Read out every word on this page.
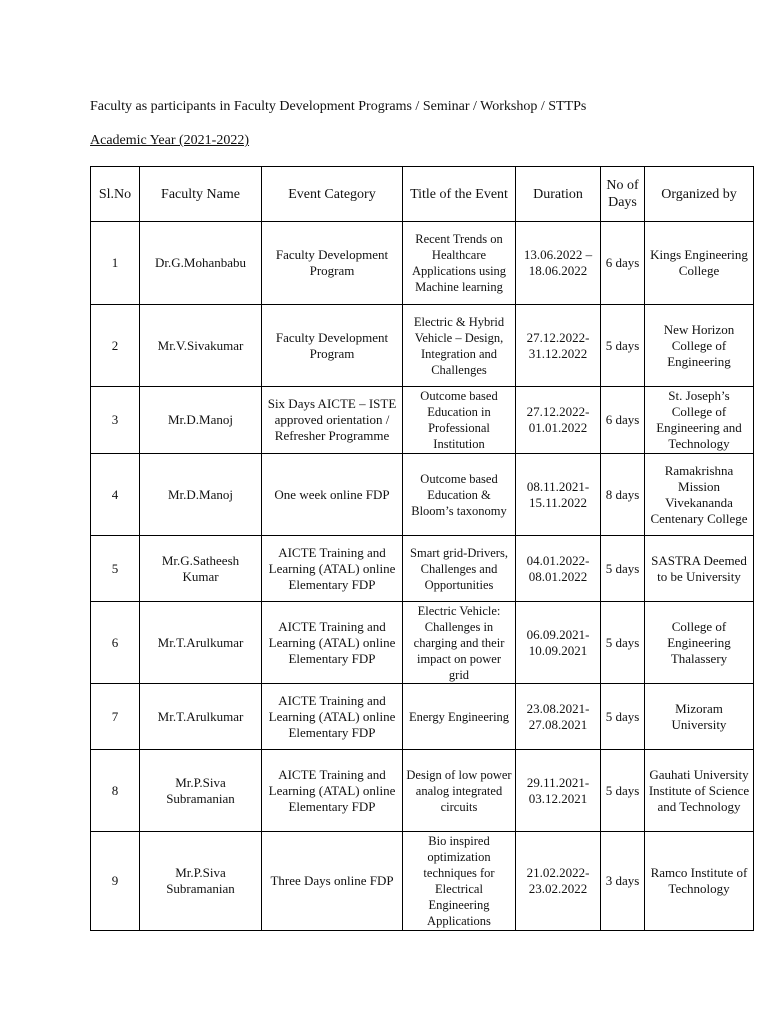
Faculty as participants in Faculty Development Programs / Seminar / Workshop / STTPs
Academic Year (2021-2022)
Sl.No	Faculty Name	Event Category	Title of the Event	Duration	No of Days	Organized by
1	Dr.G.Mohanbabu	Faculty Development Program	Recent Trends on Healthcare Applications using Machine learning	13.06.2022 – 18.06.2022	6 days	Kings Engineering College
2	Mr.V.Sivakumar	Faculty Development Program	Electric & Hybrid Vehicle – Design, Integration and Challenges	27.12.2022-31.12.2022	5 days	New Horizon College of Engineering
3	Mr.D.Manoj	Six Days AICTE – ISTE approved orientation / Refresher Programme	Outcome based Education in Professional Institution	27.12.2022-01.01.2022	6 days	St. Joseph’s College of Engineering and Technology
4	Mr.D.Manoj	One week online FDP	Outcome based Education & Bloom’s taxonomy	08.11.2021-15.11.2022	8 days	Ramakrishna Mission Vivekananda Centenary College
5	Mr.G.Satheesh Kumar	AICTE Training and Learning (ATAL) online Elementary FDP	Smart grid-Drivers, Challenges and Opportunities	04.01.2022-08.01.2022	5 days	SASTRA Deemed to be University
6	Mr.T.Arulkumar	AICTE Training and Learning (ATAL) online Elementary FDP	Electric Vehicle: Challenges in charging and their impact on power grid	06.09.2021-10.09.2021	5 days	College of Engineering Thalassery
7	Mr.T.Arulkumar	AICTE Training and Learning (ATAL) online Elementary FDP	Energy Engineering	23.08.2021-27.08.2021	5 days	Mizoram University
8	Mr.P.Siva Subramanian	AICTE Training and Learning (ATAL) online Elementary FDP	Design of low power analog integrated circuits	29.11.2021-03.12.2021	5 days	Gauhati University Institute of Science and Technology
9	Mr.P.Siva Subramanian	Three Days online FDP	Bio inspired optimization techniques for Electrical Engineering Applications	21.02.2022-23.02.2022	3 days	Ramco Institute of Technology
